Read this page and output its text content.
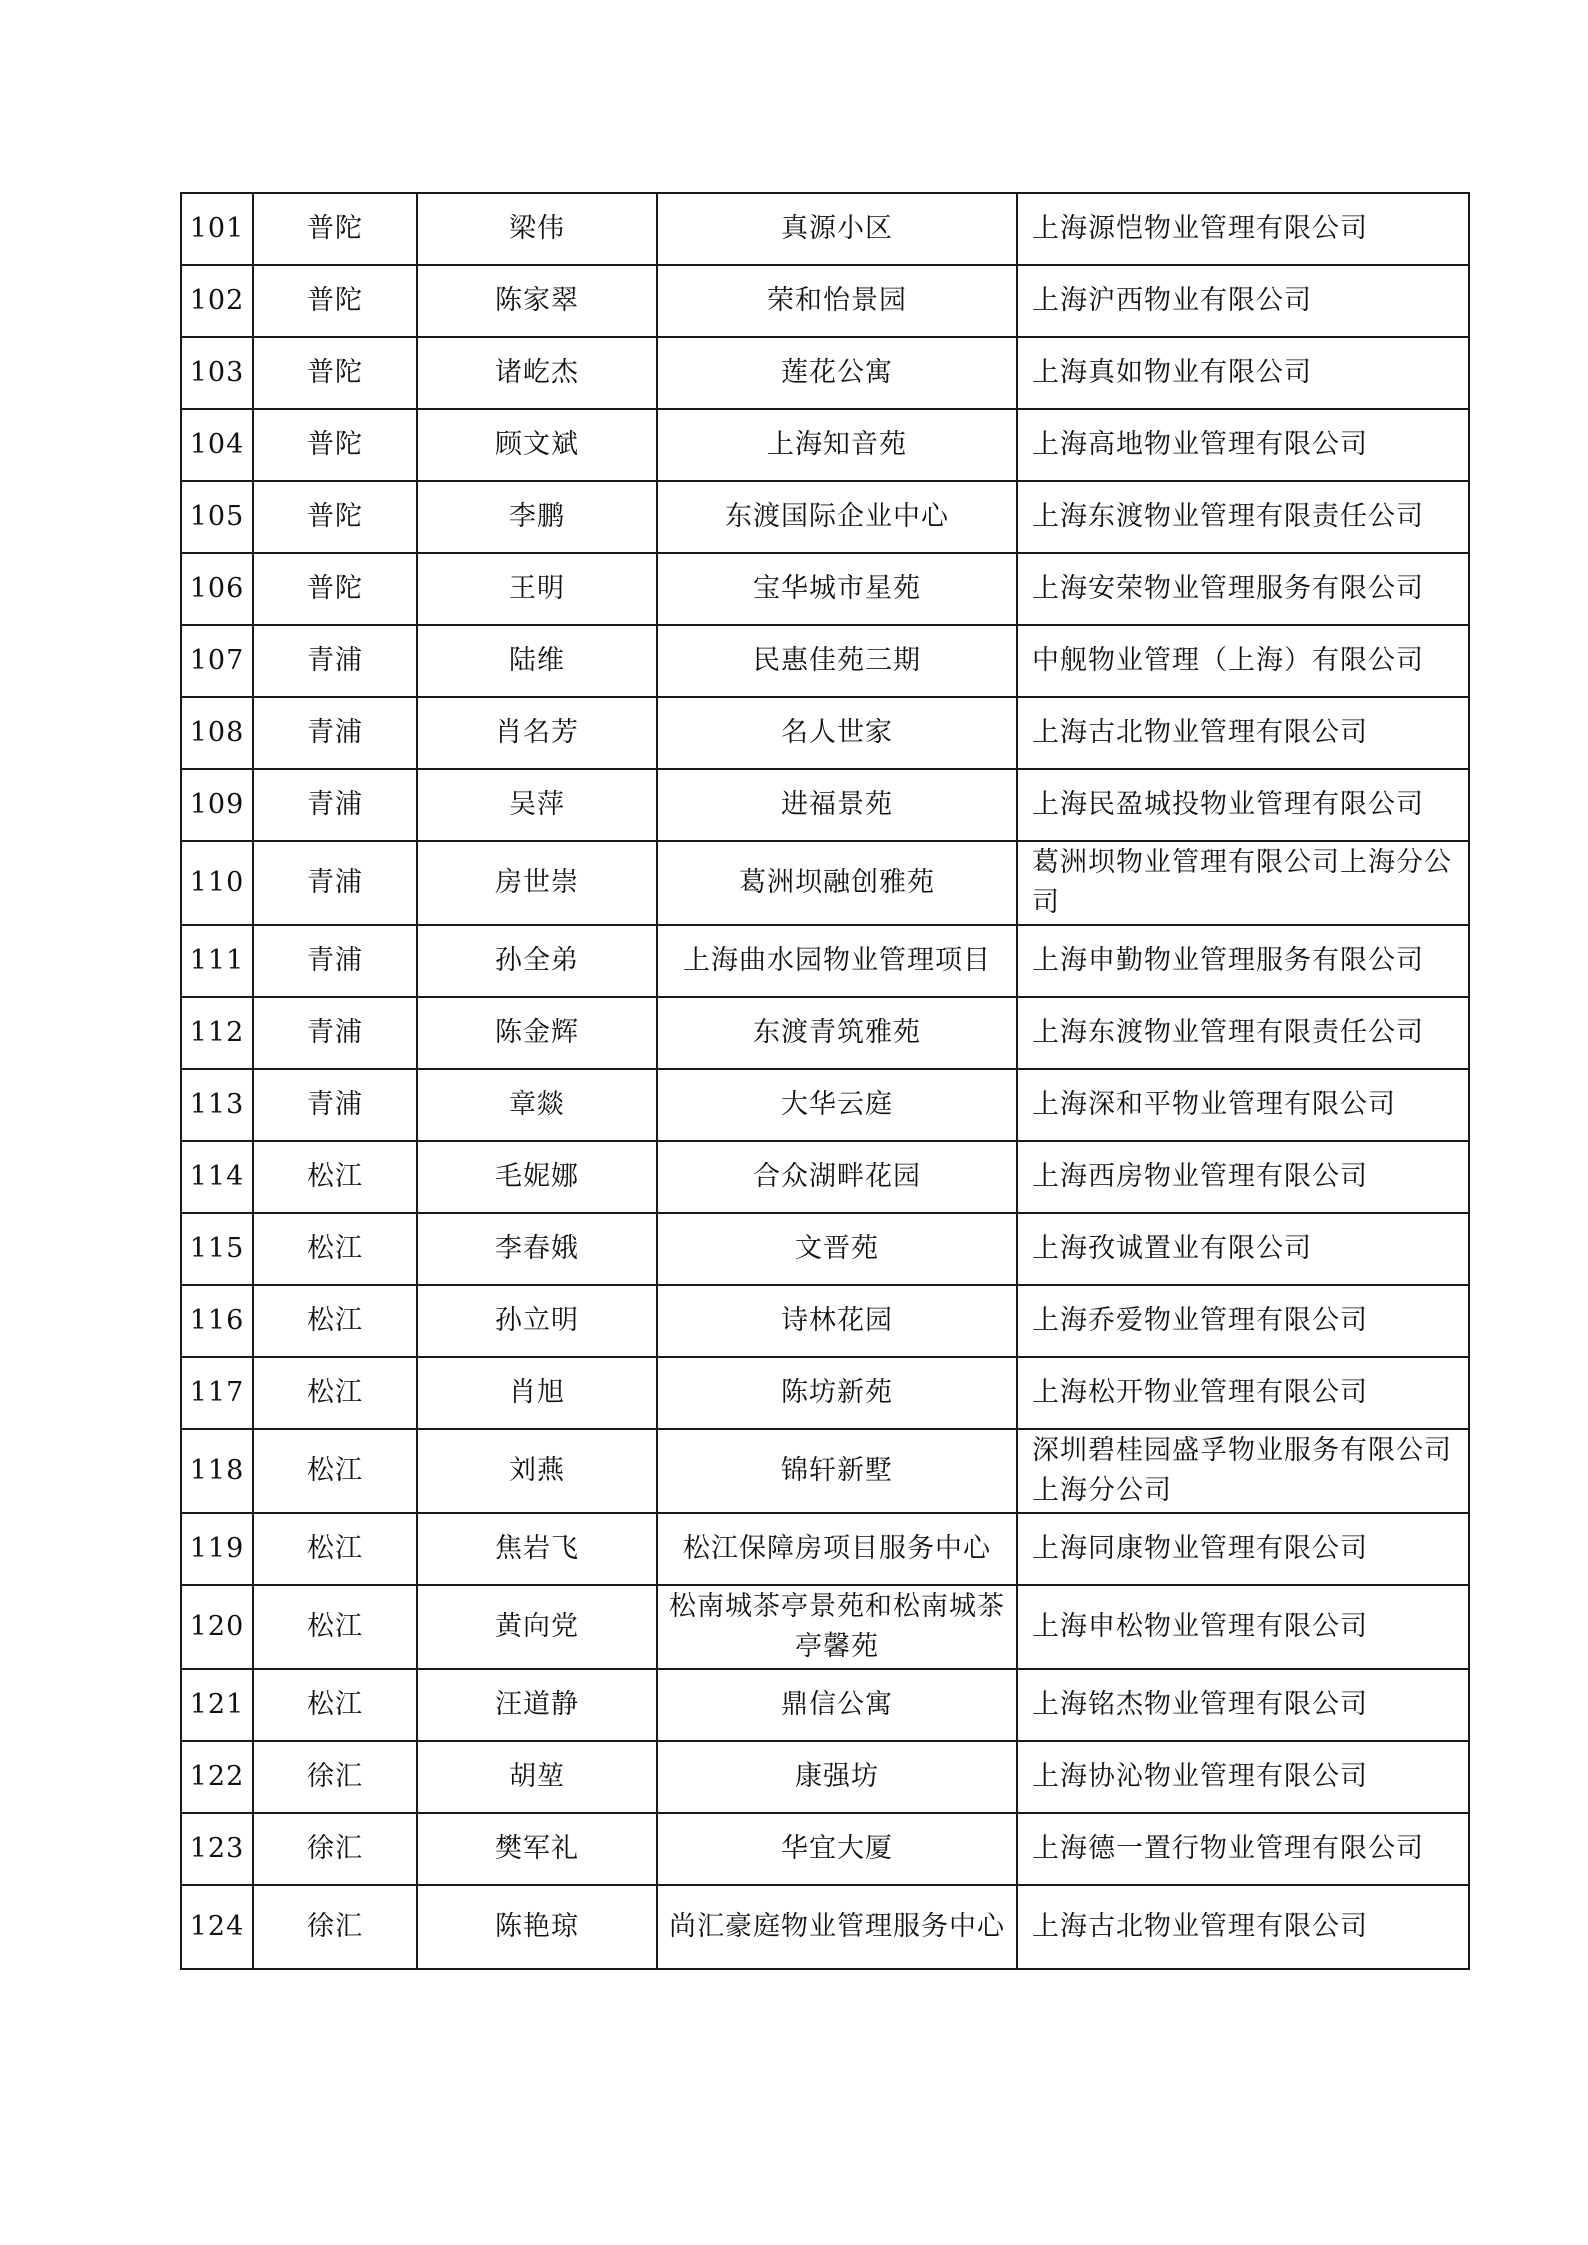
101	普陀	梁伟	真源小区	上海源恺物业管理有限公司
102	普陀	陈家翠	荣和怡景园	上海沪西物业有限公司
103	普陀	诸屹杰	莲花公寓	上海真如物业有限公司
104	普陀	顾文斌	上海知音苑	上海高地物业管理有限公司
105	普陀	李鹏	东渡国际企业中心	上海东渡物业管理有限责任公司
106	普陀	王明	宝华城市星苑	上海安荣物业管理服务有限公司
107	青浦	陆维	民惠佳苑三期	中舰物业管理（上海）有限公司
108	青浦	肖名芳	名人世家	上海古北物业管理有限公司
109	青浦	吴萍	进福景苑	上海民盈城投物业管理有限公司
110	青浦	房世崇	葛洲坝融创雅苑	葛洲坝物业管理有限公司上海分公司
111	青浦	孙全弟	上海曲水园物业管理项目	上海申勤物业管理服务有限公司
112	青浦	陈金辉	东渡青筑雅苑	上海东渡物业管理有限责任公司
113	青浦	章燚	大华云庭	上海深和平物业管理有限公司
114	松江	毛妮娜	合众湖畔花园	上海西房物业管理有限公司
115	松江	李春娥	文晋苑	上海孜诚置业有限公司
116	松江	孙立明	诗林花园	上海乔爱物业管理有限公司
117	松江	肖旭	陈坊新苑	上海松开物业管理有限公司
118	松江	刘燕	锦轩新墅	深圳碧桂园盛孚物业服务有限公司上海分公司
119	松江	焦岩飞	松江保障房项目服务中心	上海同康物业管理有限公司
120	松江	黄向党	松南城茶亭景苑和松南城茶亭馨苑	上海申松物业管理有限公司
121	松江	汪道静	鼎信公寓	上海铭杰物业管理有限公司
122	徐汇	胡堃	康强坊	上海协沁物业管理有限公司
123	徐汇	樊军礼	华宜大厦	上海德一置行物业管理有限公司
124	徐汇	陈艳琼	尚汇豪庭物业管理服务中心	上海古北物业管理有限公司
